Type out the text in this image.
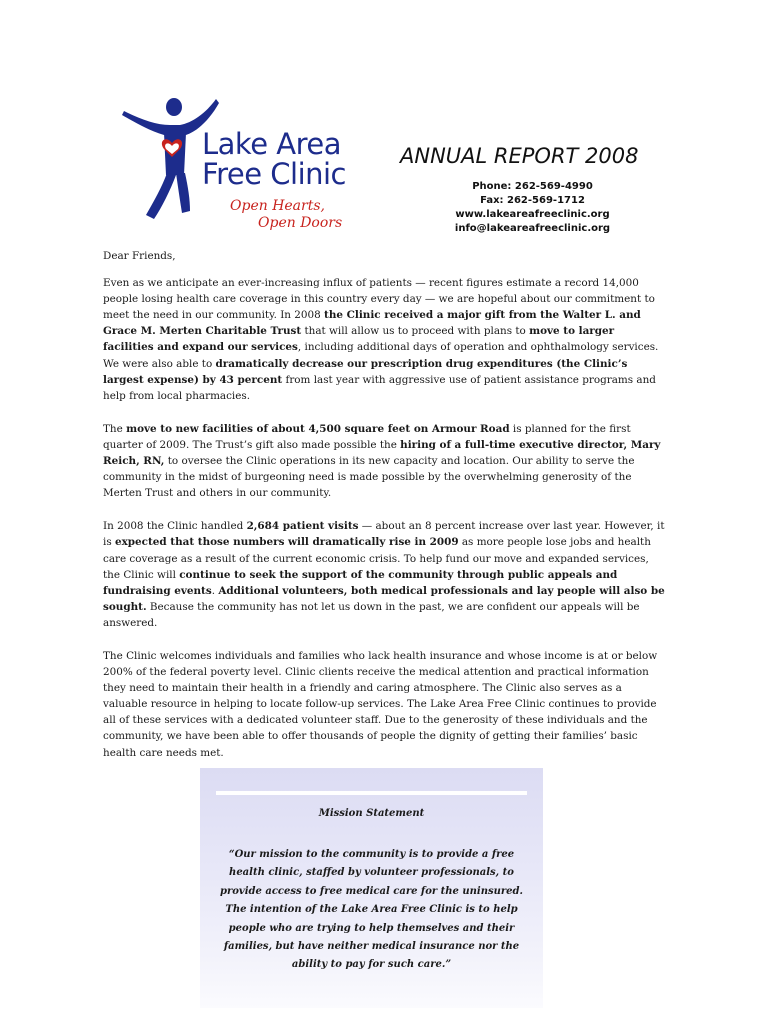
Lake Area
Free Clinic
Open Hearts,
Open Doors
ANNUAL REPORT 2008
Phone: 262-569-4990
Fax: 262-569-1712
www.lakeareafreeclinic.org
info@lakeareafreeclinic.org

Dear Friends,

Even as we anticipate an ever-increasing influx of patients — recent figures estimate a record 14,000 people losing health care coverage in this country every day — we are hopeful about our commitment to meet the need in our community. In 2008 the Clinic received a major gift from the Walter L. and Grace M. Merten Charitable Trust that will allow us to proceed with plans to move to larger facilities and expand our services, including additional days of operation and ophthalmology services. We were also able to dramatically decrease our prescription drug expenditures (the Clinic’s largest expense) by 43 percent from last year with aggressive use of patient assistance programs and help from local pharmacies.

The move to new facilities of about 4,500 square feet on Armour Road is planned for the first quarter of 2009. The Trust’s gift also made possible the hiring of a full-time executive director, Mary Reich, RN, to oversee the Clinic operations in its new capacity and location. Our ability to serve the community in the midst of burgeoning need is made possible by the overwhelming generosity of the Merten Trust and others in our community.

In 2008 the Clinic handled 2,684 patient visits — about an 8 percent increase over last year. However, it is expected that those numbers will dramatically rise in 2009 as more people lose jobs and health care coverage as a result of the current economic crisis. To help fund our move and expanded services, the Clinic will continue to seek the support of the community through public appeals and fundraising events. Additional volunteers, both medical professionals and lay people will also be sought. Because the community has not let us down in the past, we are confident our appeals will be answered.

The Clinic welcomes individuals and families who lack health insurance and whose income is at or below 200% of the federal poverty level. Clinic clients receive the medical attention and practical information they need to maintain their health in a friendly and caring atmosphere. The Clinic also serves as a valuable resource in helping to locate follow-up services. The Lake Area Free Clinic continues to provide all of these services with a dedicated volunteer staff. Due to the generosity of these individuals and the community, we have been able to offer thousands of people the dignity of getting their families’ basic health care needs met.

Mission Statement
“Our mission to the community is to provide a free health clinic, staffed by volunteer professionals, to provide access to free medical care for the uninsured. The intention of the Lake Area Free Clinic is to help people who are trying to help themselves and their families, but have neither medical insurance nor the ability to pay for such care.”
